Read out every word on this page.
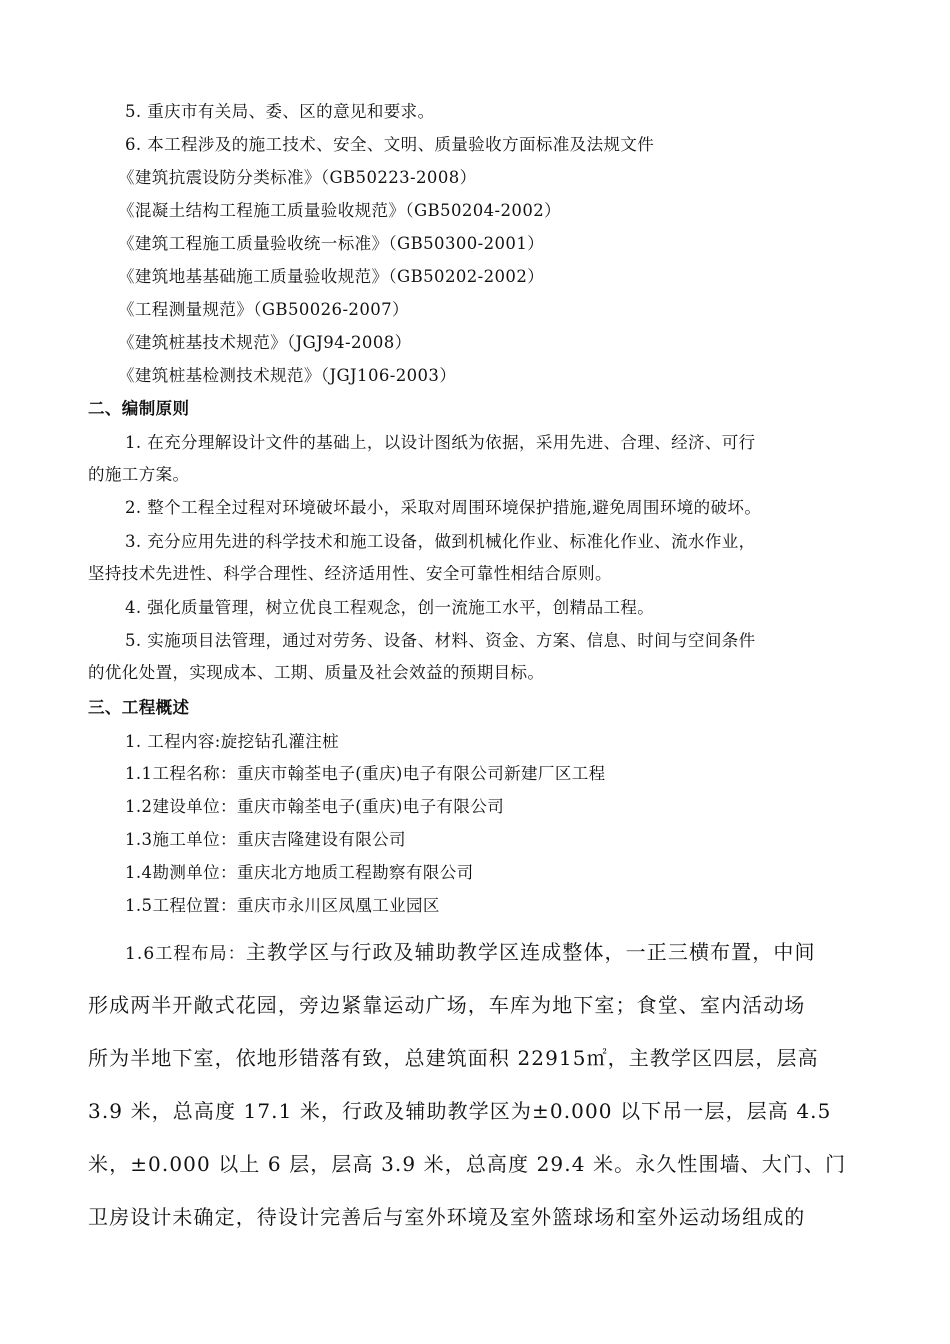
5. 重庆市有关局、委、区的意见和要求。
6. 本工程涉及的施工技术、安全、文明、质量验收方面标准及法规文件
《建筑抗震设防分类标准》（GB50223-2008）
《混凝土结构工程施工质量验收规范》（GB50204-2002）
《建筑工程施工质量验收统一标准》（GB50300-2001）
《建筑地基基础施工质量验收规范》（GB50202-2002）
《工程测量规范》（GB50026-2007）
《建筑桩基技术规范》（JGJ94-2008）
《建筑桩基检测技术规范》（JGJ106-2003）
二、编制原则
1. 在充分理解设计文件的基础上，以设计图纸为依据，采用先进、合理、经济、可行
的施工方案。
2. 整个工程全过程对环境破坏最小，采取对周围环境保护措施,避免周围环境的破坏。
3. 充分应用先进的科学技术和施工设备，做到机械化作业、标准化作业、流水作业，
坚持技术先进性、科学合理性、经济适用性、安全可靠性相结合原则。
4. 强化质量管理，树立优良工程观念，创一流施工水平，创精品工程。
5. 实施项目法管理，通过对劳务、设备、材料、资金、方案、信息、时间与空间条件
的优化处置，实现成本、工期、质量及社会效益的预期目标。
三、工程概述
1. 工程内容:旋挖钻孔灌注桩
1.1工程名称：重庆市翰荃电子(重庆)电子有限公司新建厂区工程
1.2建设单位：重庆市翰荃电子(重庆)电子有限公司
1.3施工单位：重庆吉隆建设有限公司
1.4勘测单位：重庆北方地质工程勘察有限公司
1.5工程位置：重庆市永川区凤凰工业园区
1.6工程布局：主教学区与行政及辅助教学区连成整体，一正三横布置，中间
形成两半开敞式花园，旁边紧靠运动广场，车库为地下室；食堂、室内活动场
所为半地下室，依地形错落有致，总建筑面积 22915㎡，主教学区四层，层高
3.9 米，总高度 17.1 米，行政及辅助教学区为±0.000 以下吊一层，层高 4.5
米，±0.000 以上 6 层，层高 3.9 米，总高度 29.4 米。永久性围墙、大门、门
卫房设计未确定，待设计完善后与室外环境及室外篮球场和室外运动场组成的
